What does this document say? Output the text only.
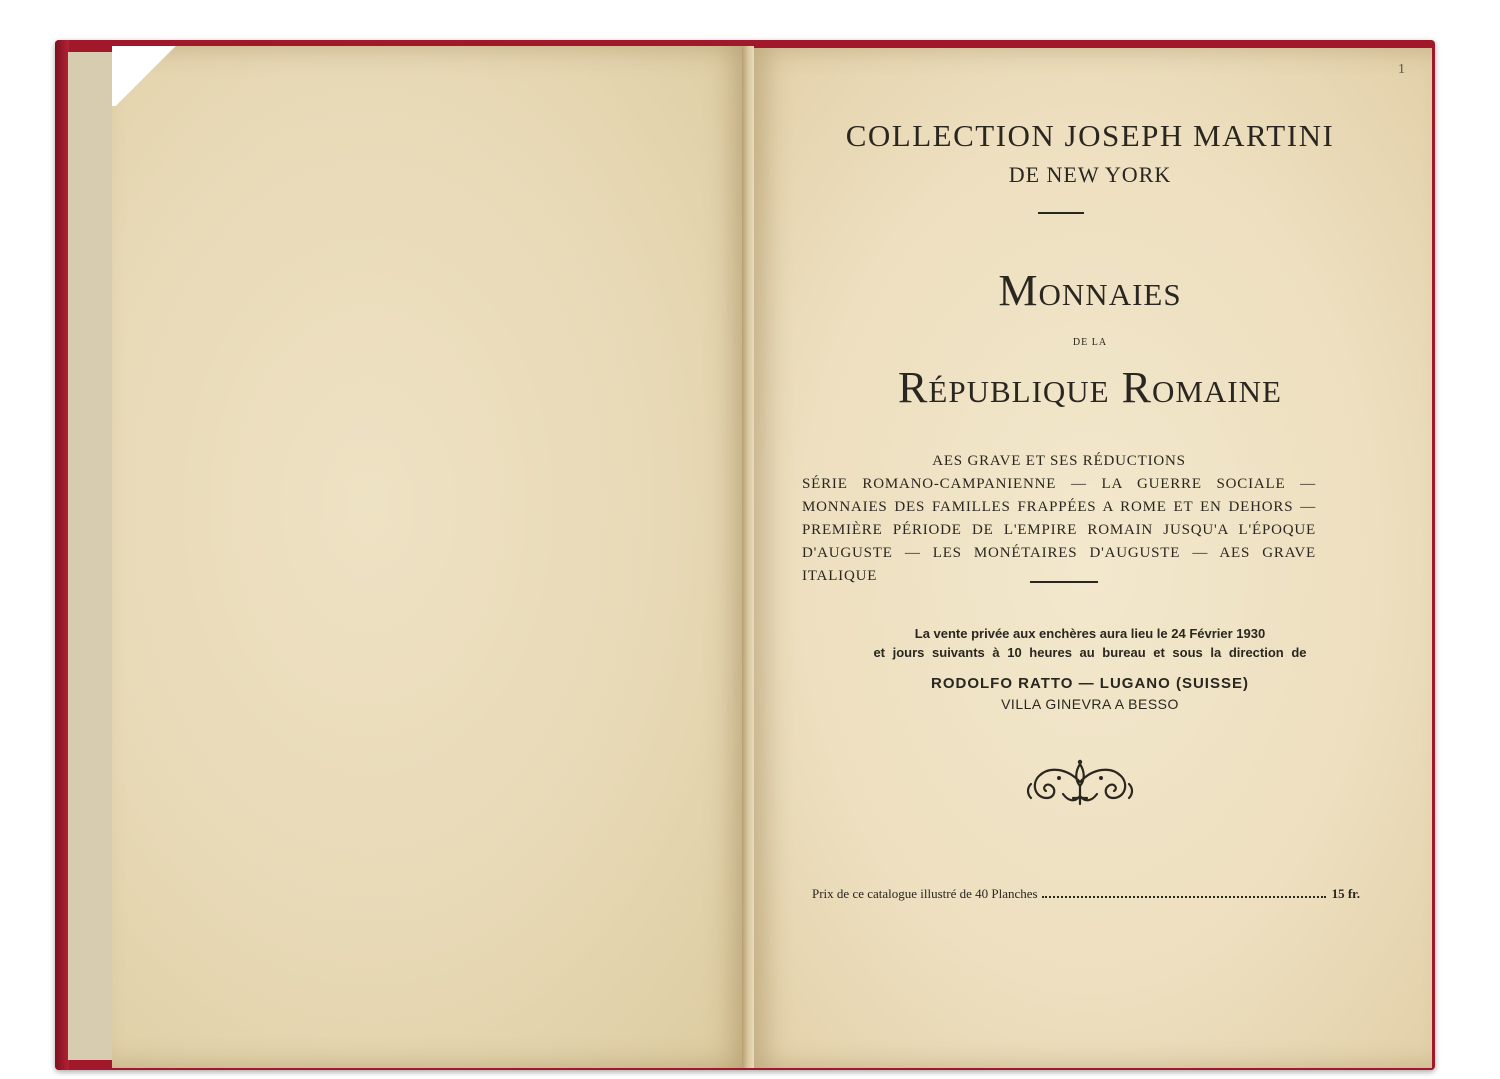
1
COLLECTION JOSEPH MARTINI
DE NEW YORK
Monnaies
DE LA
République Romaine
AES GRAVE ET SES RÉDUCTIONS
SÉRIE ROMANO-CAMPANIENNE — LA GUERRE SOCIALE — MONNAIES DES FAMILLES FRAPPÉES A ROME ET EN DEHORS — PREMIÈRE PÉRIODE DE L'EMPIRE ROMAIN JUSQU'A L'ÉPOQUE D'AUGUSTE — LES MONÉTAIRES D'AUGUSTE — AES GRAVE ITALIQUE
La vente privée aux enchères aura lieu le 24 Février 1930
et jours suivants à 10 heures au bureau et sous la direction de
RODOLFO RATTO — LUGANO (SUISSE)
VILLA GINEVRA A BESSO
Prix de ce catalogue illustré de 40 Planches	15 fr.
